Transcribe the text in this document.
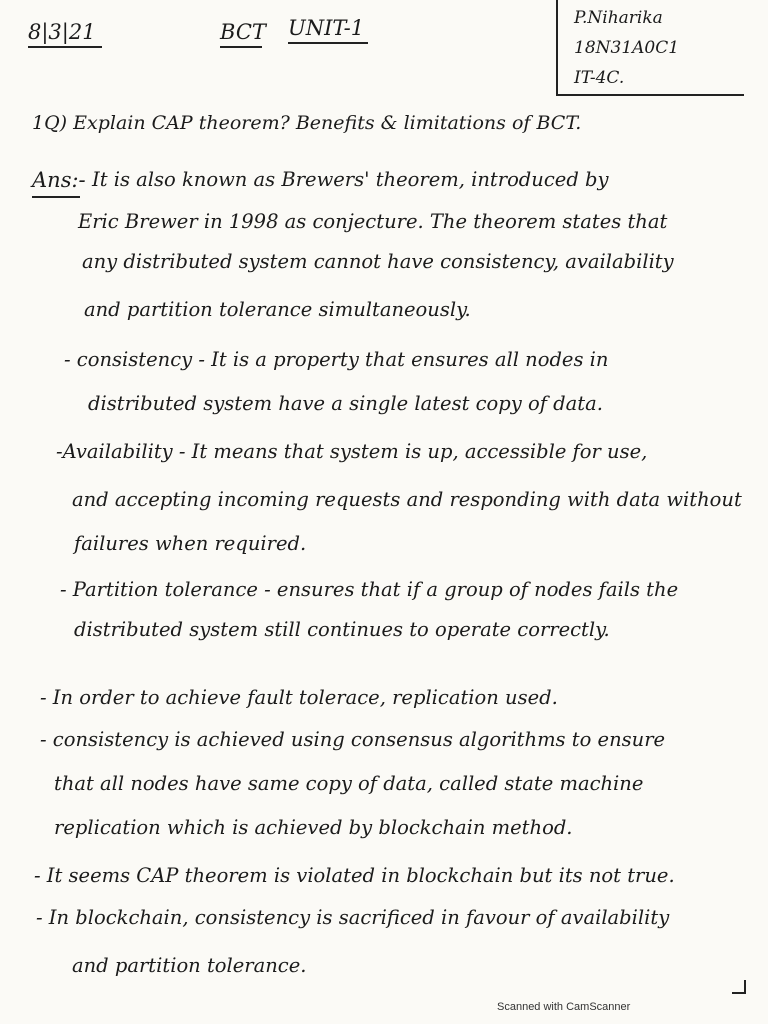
8|3|21	BCT UNIT-1	P.Niharika
18N31A0C1
IT-4C.
1Q) Explain CAP theorem? Benefits & limitations of BCT.
Ans:- It is also known as Brewers' theorem, introduced by
Eric Brewer in 1998 as conjecture. The theorem states that
any distributed system cannot have consistency, availability
and partition tolerance simultaneously.
- consistency - It is a property that ensures all nodes in
distributed system have a single latest copy of data.
-Availability - It means that system is up, accessible for use,
and accepting incoming requests and responding with data without
failures when required.
- Partition tolerance - ensures that if a group of nodes fails the
distributed system still continues to operate correctly.
- In order to achieve fault tolerace, replication used.
- consistency is achieved using consensus algorithms to ensure
that all nodes have same copy of data, called state machine
replication which is achieved by blockchain method.
- It seems CAP theorem is violated in blockchain but its not true.
- In blockchain, consistency is sacrificed in favour of availability
and partition tolerance.
Scanned with CamScanner
